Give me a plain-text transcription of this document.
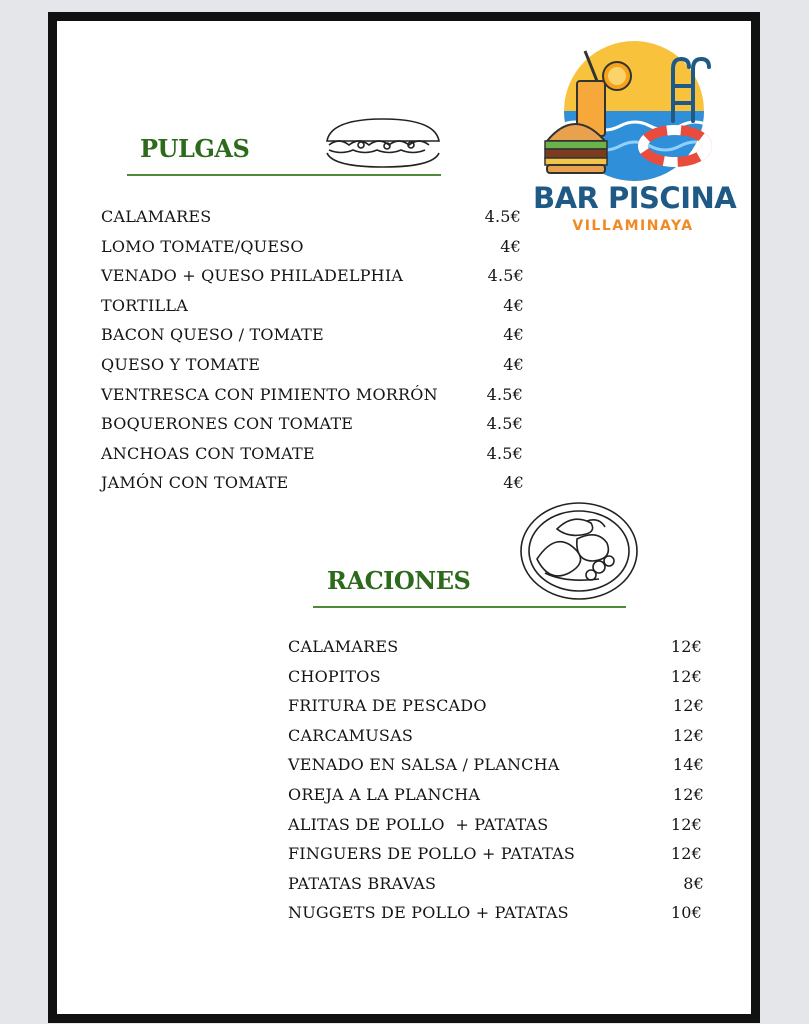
BAR PISCINA
VILLAMINAYA
PULGAS
CALAMARES	4.5€
LOMO TOMATE/QUESO	4€
VENADO + QUESO PHILADELPHIA	4.5€
TORTILLA	4€
BACON QUESO / TOMATE	4€
QUESO Y TOMATE	4€
VENTRESCA CON PIMIENTO MORRÓN	4.5€
BOQUERONES CON TOMATE	4.5€
ANCHOAS CON TOMATE	4.5€
JAMÓN CON TOMATE	4€
RACIONES
CALAMARES	12€
CHOPITOS	12€
FRITURA DE PESCADO	12€
CARCAMUSAS	12€
VENADO EN SALSA / PLANCHA	14€
OREJA A LA PLANCHA	12€
ALITAS DE POLLO  + PATATAS	12€
FINGUERS DE POLLO + PATATAS	12€
PATATAS BRAVAS	8€
NUGGETS DE POLLO + PATATAS	10€
